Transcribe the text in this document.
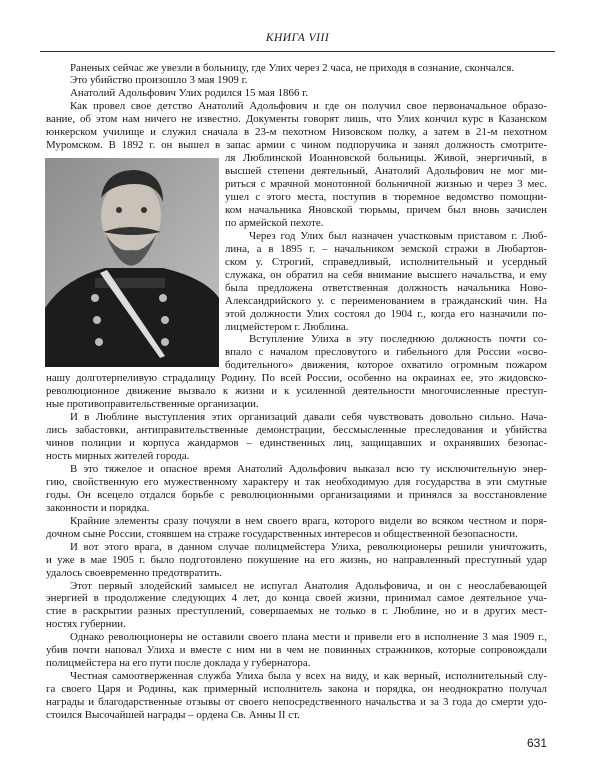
КНИГА VIII
Раненых сейчас же увезли в больницу, где Улих через 2 часа, не приходя в сознание, скончался.
Это убийство произошло 3 мая 1909 г.
Анатолий Адольфович Улих родился 15 мая 1866 г.
Как провел свое детство Анатолий Адольфович и где он получил свое первоначальное образо-
вание, об этом нам ничего не известно. Документы говорят лишь, что Улих кончил курс в Казанском
юнкерском училище и служил сначала в 23-м пехотном Низовском полку, а затем в 21-м пехотном
Муромском. В 1892 г. он вышел в запас армии с чином подпоручика и занял должность смотрите-
ля Люблинской Иоанновской больницы. Живой, энергичный, в
высшей степени деятельный, Анатолий Адольфович не мог ми-
риться с мрачной монотонной больничной жизнью и через 3 мес.
ушел с этого места, поступив в тюремное ведомство помощни-
ком начальника Яновской тюрьмы, причем был вновь зачислен
по армейской пехоте.
Через год Улих был назначен участковым приставом г. Люб-
лина, а в 1895 г. – начальником земской стражи в Любартов-
ском у. Строгий, справедливый, исполнительный и усердный
служака, он обратил на себя внимание высшего начальства, и ему
была предложена ответственная должность начальника Ново-
Александрийского у. с переименованием в гражданский чин. На
этой должности Улих состоял до 1904 г., когда его назначили по-
лицмейстером г. Люблина.
Вступление Улиха в эту последнюю должность почти со-
впало с началом пресловутого и гибельного для России «осво-
бодительного» движения, которое охватило огромным пожаром
нашу долготерпеливую страдалицу Родину. По всей России, особенно на окраинах ее, это жидовско-
революционное движение вызвало к жизни и к усиленной деятельности многочисленные преступ-
ные противоправительственные организации.
И в Люблине выступления этих организаций давали себя чувствовать довольно сильно. Нача-
лись забастовки, антиправительственные демонстрации, бессмысленные преследования и убийства
чинов полиции и корпуса жандармов – единственных лиц, защищавших и охранявших безопас-
ность мирных жителей города.
В это тяжелое и опасное время Анатолий Адольфович выказал всю ту исключительную энер-
гию, свойственную его мужественному характеру и так необходимую для государства в эти смутные
годы. Он всецело отдался борьбе с революционными организациями и принялся за восстановление
законности и порядка.
Крайние элементы сразу почуяли в нем своего врага, которого видели во всяком честном и поря-
дочном сыне России, стоявшем на страже государственных интересов и общественной безопасности.
И вот этого врага, в данном случае полицмейстера Улиха, революционеры решили уничтожить,
и уже в мае 1905 г. было подготовлено покушение на его жизнь, но направленный преступный удар
удалось своевременно предотвратить.
Этот первый злодейский замысел не испугал Анатолия Адольфовича, и он с неослабевающей
энергией в продолжение следующих 4 лет, до конца своей жизни, принимал самое деятельное уча-
стие в раскрытии разных преступлений, совершаемых не только в г. Люблине, но и в других мест-
ностях губернии.
Однако революционеры не оставили своего плана мести и привели его в исполнение 3 мая 1909 г.,
убив почти наповал Улиха и вместе с ним ни в чем не повинных стражников, которые сопровождали
полицмейстера на его пути после доклада у губернатора.
Честная самоотверженная служба Улиха была у всех на виду, и как верный, исполнительный слу-
га своего Царя и Родины, как примерный исполнитель закона и порядка, он неоднократно получал
награды и благодарственные отзывы от своего непосредственного начальства и за 3 года до смерти удо-
стоился Высочайшей награды – ордена Св. Анны II ст.
631
